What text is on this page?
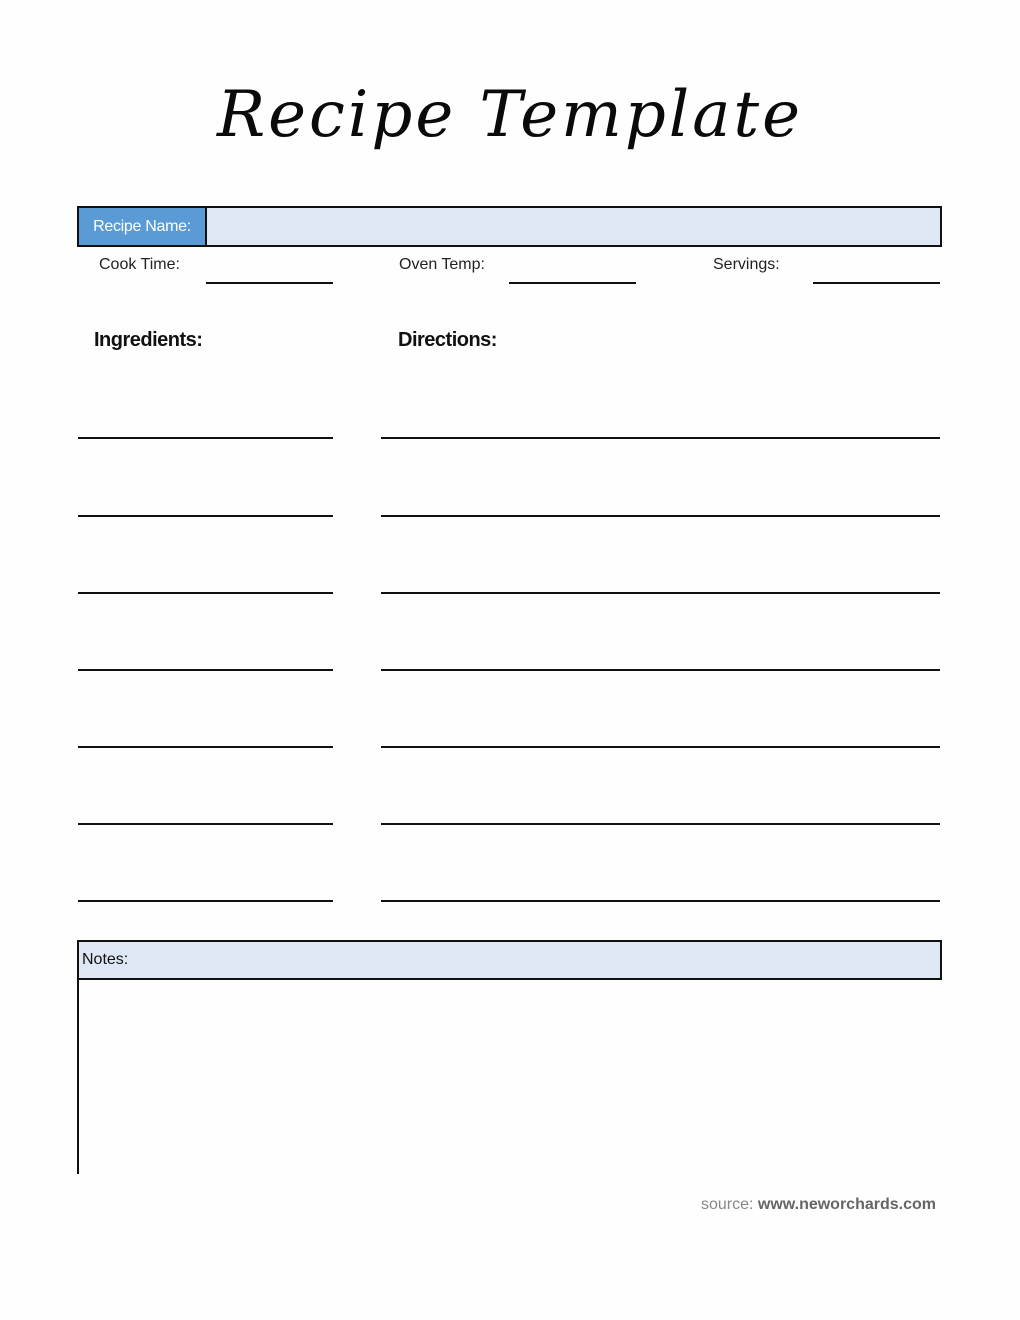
Recipe Template
Recipe Name:
Cook Time:	Oven Temp:	Servings:
Ingredients:	Directions:
Notes:
source: www.neworchards.com
